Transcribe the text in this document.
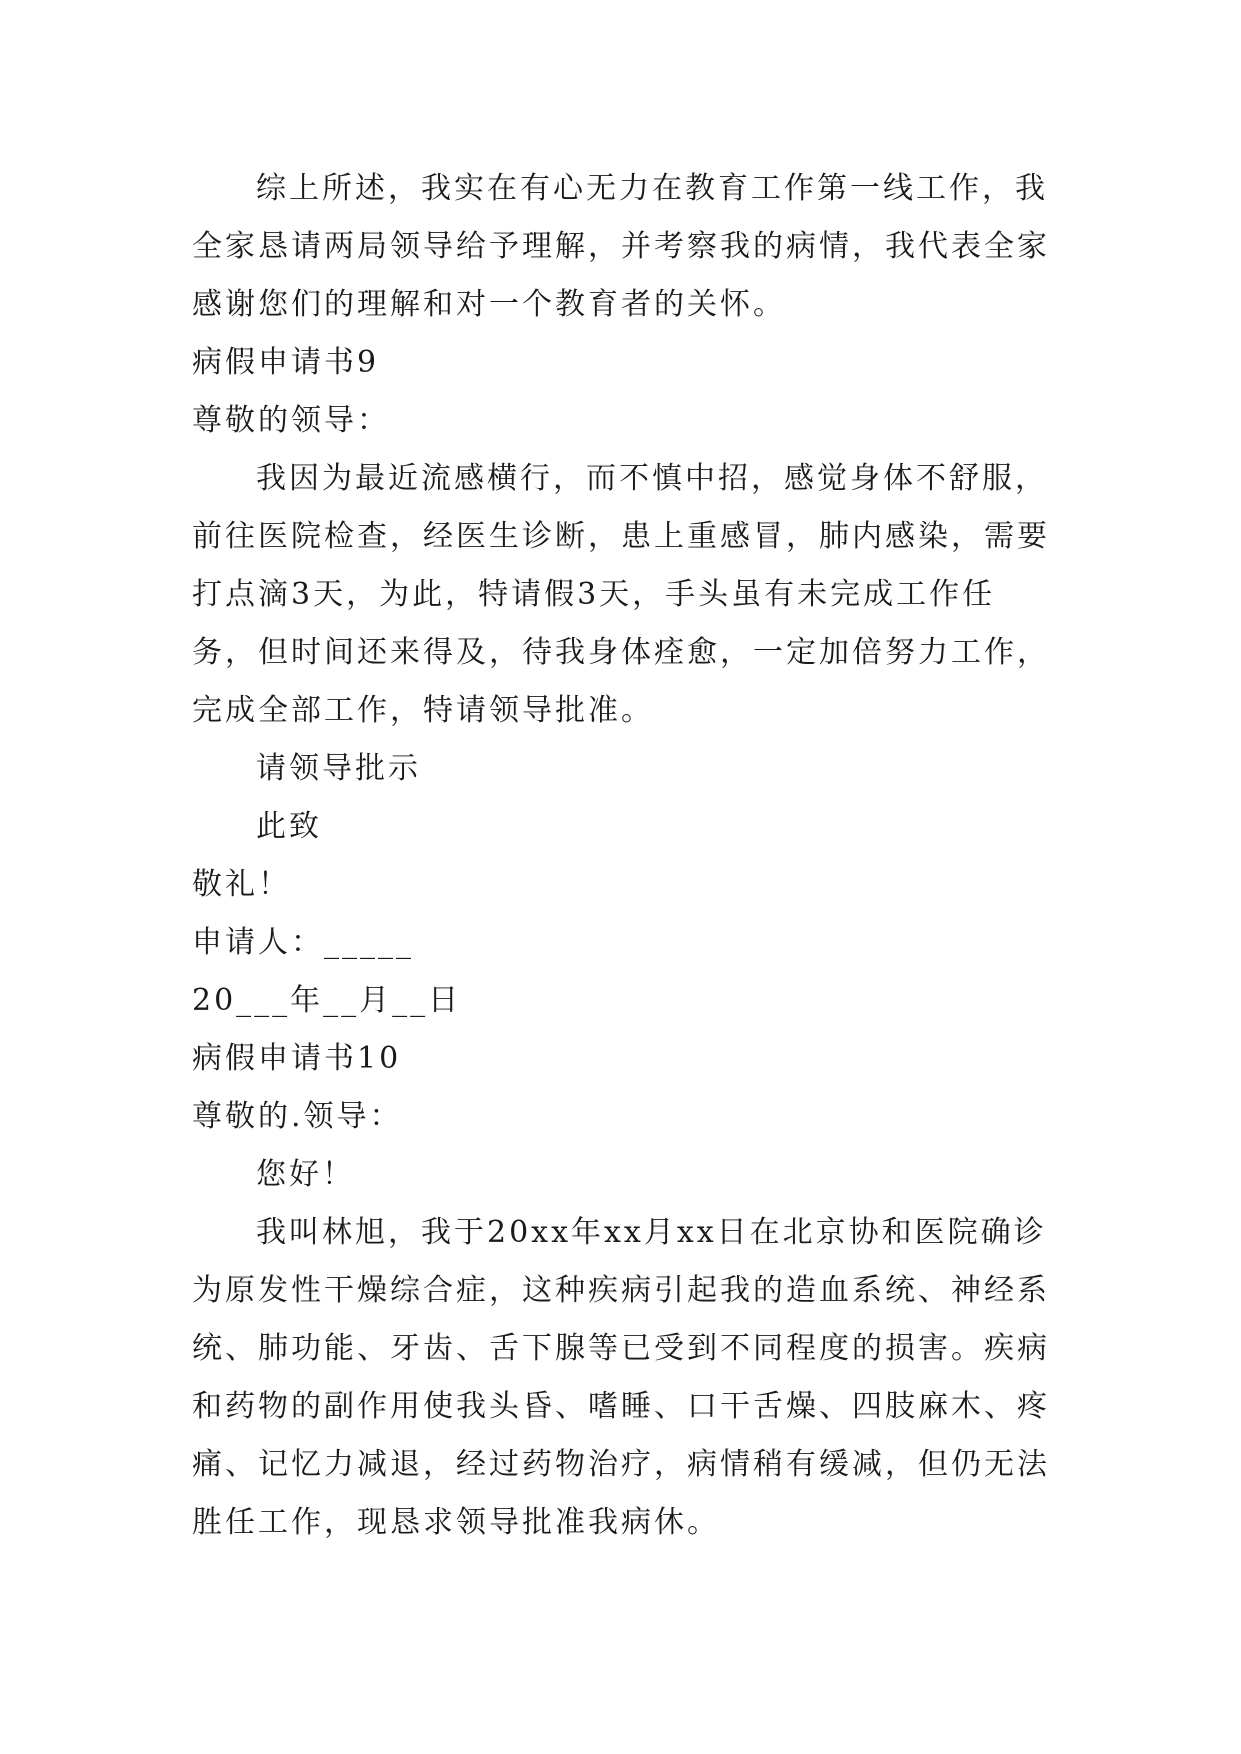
综上所述，我实在有心无力在教育工作第一线工作，我全家恳请两局领导给予理解，并考察我的病情，我代表全家感谢您们的理解和对一个教育者的关怀。

病假申请书9

尊敬的领导：

我因为最近流感横行，而不慎中招，感觉身体不舒服，前往医院检查，经医生诊断，患上重感冒，肺内感染，需要打点滴3天，为此，特请假3天，手头虽有未完成工作任务，但时间还来得及，待我身体痊愈，一定加倍努力工作，完成全部工作，特请领导批准。

请领导批示

此致

敬礼！

申请人：_____

20___年__月__日

病假申请书10

尊敬的.领导：

您好！

我叫林旭，我于20xx年xx月xx日在北京协和医院确诊为原发性干燥综合症，这种疾病引起我的造血系统、神经系统、肺功能、牙齿、舌下腺等已受到不同程度的损害。疾病和药物的副作用使我头昏、嗜睡、口干舌燥、四肢麻木、疼痛、记忆力减退，经过药物治疗，病情稍有缓减，但仍无法胜任工作，现恳求领导批准我病休。
